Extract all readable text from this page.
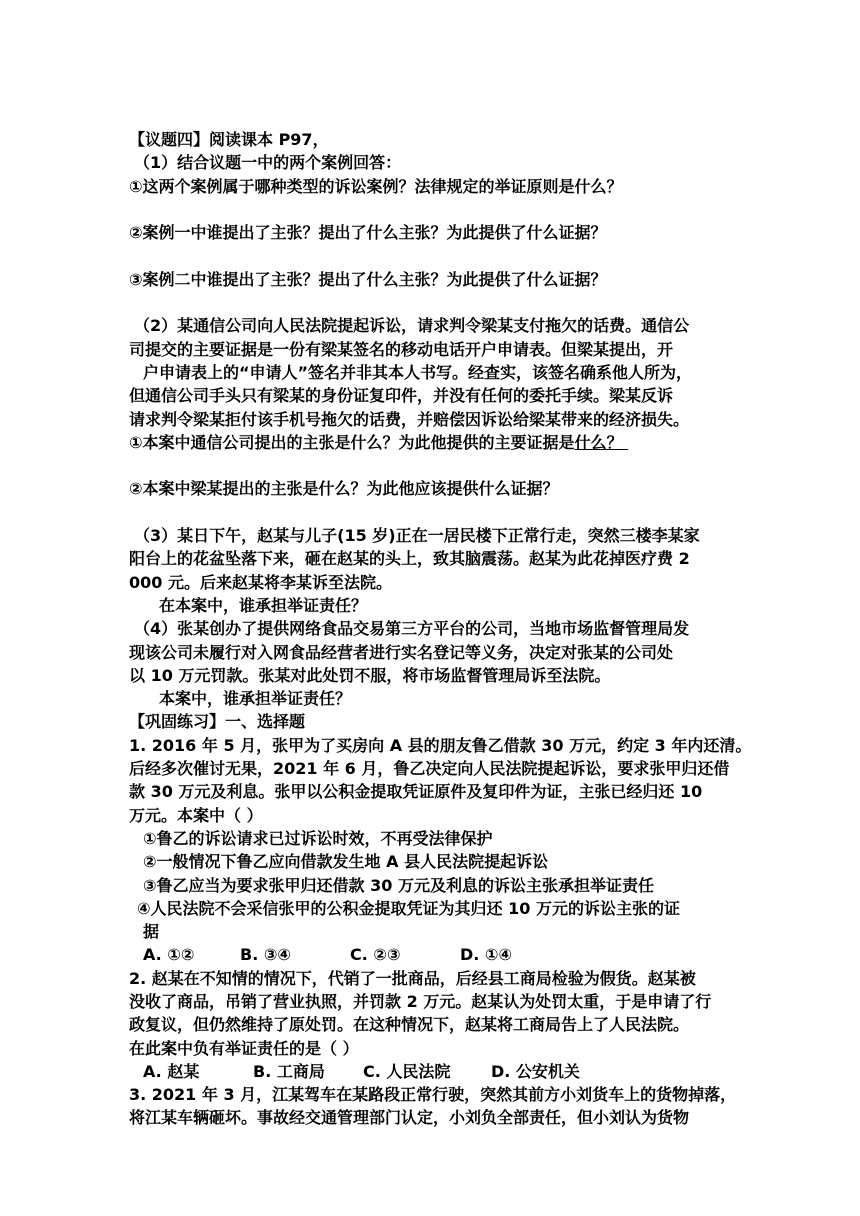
【议题四】阅读课本 P97，
（1）结合议题一中的两个案例回答：
①这两个案例属于哪种类型的诉讼案例？法律规定的举证原则是什么？
②案例一中谁提出了主张？提出了什么主张？为此提供了什么证据？
③案例二中谁提出了主张？提出了什么主张？为此提供了什么证据？
（2）某通信公司向人民法院提起诉讼，请求判令梁某支付拖欠的话费。通信公
司提交的主要证据是一份有梁某签名的移动电话开户申请表。但梁某提出，开
户申请表上的“申请人”签名并非其本人书写。经查实，该签名确系他人所为，
但通信公司手头只有梁某的身份证复印件，并没有任何的委托手续。梁某反诉
请求判令梁某拒付该手机号拖欠的话费，并赔偿因诉讼给梁某带来的经济损失。
①本案中通信公司提出的主张是什么？为此他提供的主要证据是什么？
②本案中梁某提出的主张是什么？为此他应该提供什么证据？
（3）某日下午，赵某与儿子(15 岁)正在一居民楼下正常行走，突然三楼李某家
阳台上的花盆坠落下来，砸在赵某的头上，致其脑震荡。赵某为此花掉医疗费 2
000 元。后来赵某将李某诉至法院。
在本案中，谁承担举证责任？
（4）张某创办了提供网络食品交易第三方平台的公司，当地市场监督管理局发
现该公司未履行对入网食品经营者进行实名登记等义务，决定对张某的公司处
以 10 万元罚款。张某对此处罚不服，将市场监督管理局诉至法院。
本案中，谁承担举证责任？
【巩固练习】一、选择题
1. 2016 年 5 月，张甲为了买房向 A 县的朋友鲁乙借款 30 万元，约定 3 年内还清。
后经多次催讨无果，2021 年 6 月，鲁乙决定向人民法院提起诉讼，要求张甲归还借
款 30 万元及利息。张甲以公积金提取凭证原件及复印件为证，主张已经归还 10
万元。本案中（ ）
①鲁乙的诉讼请求已过诉讼时效，不再受法律保护
②一般情况下鲁乙应向借款发生地 A 县人民法院提起诉讼
③鲁乙应当为要求张甲归还借款 30 万元及利息的诉讼主张承担举证责任
④人民法院不会采信张甲的公积金提取凭证为其归还 10 万元的诉讼主张的证
据
A. ①②	B. ③④	C. ②③	D. ①④
2. 赵某在不知情的情况下，代销了一批商品，后经县工商局检验为假货。赵某被
没收了商品，吊销了营业执照，并罚款 2 万元。赵某认为处罚太重，于是申请了行
政复议，但仍然维持了原处罚。在这种情况下，赵某将工商局告上了人民法院。
在此案中负有举证责任的是（ ）
A. 赵某	B. 工商局 C. 人民法院	D. 公安机关
3. 2021 年 3 月，江某驾车在某路段正常行驶，突然其前方小刘货车上的货物掉落，
将江某车辆砸坏。事故经交通管理部门认定，小刘负全部责任，但小刘认为货物
